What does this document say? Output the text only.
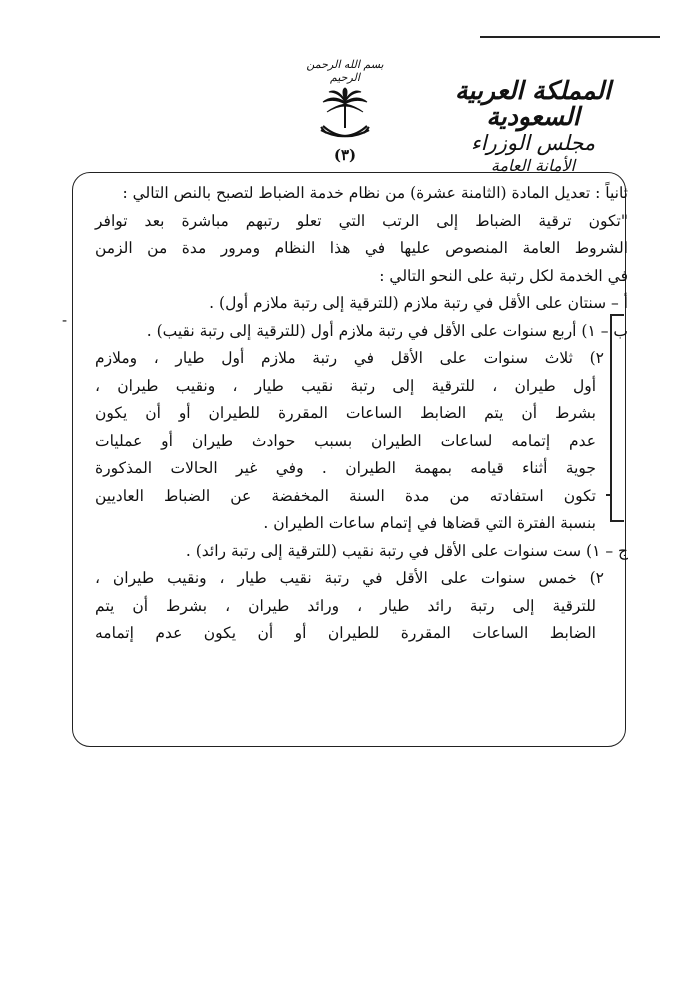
المملكة العربية السعودية
مجلس الوزراء
الأمانة العامة
بسم الله الرحمن الرحيم
(٣)
-
ثانياً : تعديل المادة (الثامنة عشرة) من نظام خدمة الضباط لتصبح بالنص التالي :
"تكون ترقية الضباط إلى الرتب التي تعلو رتبهم مباشرة بعد توافر
الشروط العامة المنصوص عليها في هذا النظام ومرور مدة من الزمن
في الخدمة لكل رتبة على النحو التالي :
أ – سنتان على الأقل في رتبة ملازم (للترقية إلى رتبة ملازم أول) .
ب – ١) أربع سنوات على الأقل في رتبة ملازم أول (للترقية إلى رتبة نقيب) .
٢) ثلاث سنوات على الأقل في رتبة ملازم أول طيار ، وملازم
أول طيران ، للترقية إلى رتبة نقيب طيار ، ونقيب طيران ،
بشرط أن يتم الضابط الساعات المقررة للطيران أو أن يكون
عدم إتمامه لساعات الطيران بسبب حوادث طيران أو عمليات
جوية أثناء قيامه بمهمة الطيران . وفي غير الحالات المذكورة
تكون استفادته من مدة السنة المخفضة عن الضباط العاديين
بنسبة الفترة التي قضاها في إتمام ساعات الطيران .
ج – ١) ست سنوات على الأقل في رتبة نقيب (للترقية إلى رتبة رائد) .
٢) خمس سنوات على الأقل في رتبة نقيب طيار ، ونقيب طيران ،
للترقية إلى رتبة رائد طيار ، ورائد طيران ، بشرط أن يتم
الضابط الساعات المقررة للطيران أو أن يكون عدم إتمامه
